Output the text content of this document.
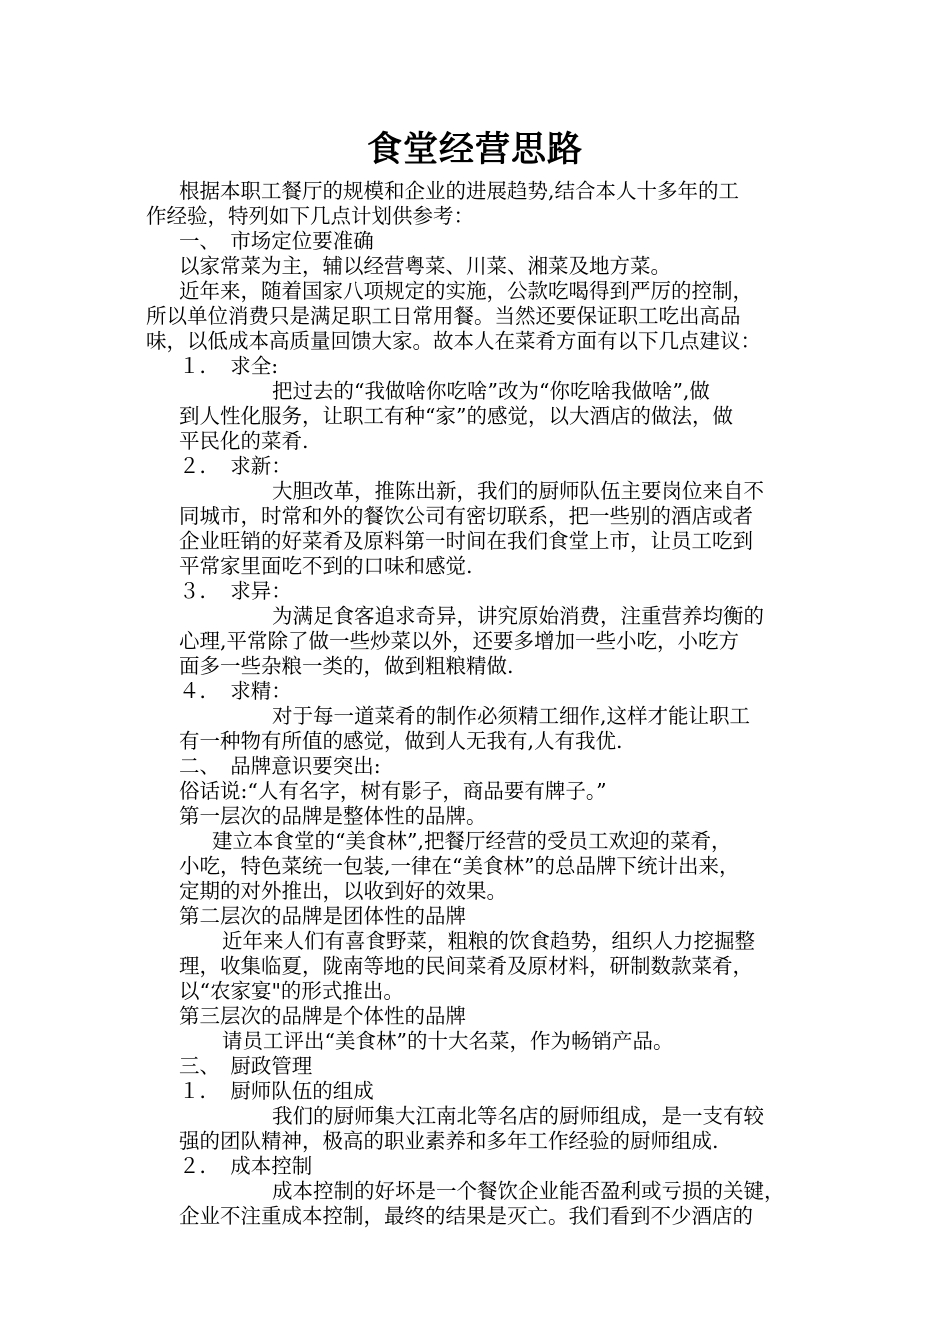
食堂经营思路
根据本职工餐厅的规模和企业的进展趋势,结合本人十多年的工
作经验，特列如下几点计划供参考：
一、　市场定位要准确
以家常菜为主，辅以经营粤菜、川菜、湘菜及地方菜。
近年来，随着国家八项规定的实施，公款吃喝得到严厉的控制，
所以单位消费只是满足职工日常用餐。当然还要保证职工吃出高品
味，以低成本高质量回馈大家。故本人在菜肴方面有以下几点建议：
１．　求全:
把过去的“我做啥你吃啥”改为“你吃啥我做啥”,做
到人性化服务，让职工有种“家”的感觉，以大酒店的做法，做
平民化的菜肴.
２．　求新：
大胆改革，推陈出新，我们的厨师队伍主要岗位来自不
同城市，时常和外的餐饮公司有密切联系，把一些别的酒店或者
企业旺销的好菜肴及原料第一时间在我们食堂上市，让员工吃到
平常家里面吃不到的口味和感觉.
３．　求异：
为满足食客追求奇异，讲究原始消费，注重营养均衡的
心理,平常除了做一些炒菜以外，还要多增加一些小吃，小吃方
面多一些杂粮一类的，做到粗粮精做.
４．　求精：
对于每一道菜肴的制作必须精工细作,这样才能让职工
有一种物有所值的感觉，做到人无我有,人有我优.
二、　品牌意识要突出:
俗话说:“人有名字，树有影子，商品要有牌子。”
第一层次的品牌是整体性的品牌。
建立本食堂的“美食林”,把餐厅经营的受员工欢迎的菜肴，
小吃，特色菜统一包装,一律在“美食林”的总品牌下统计出来，
定期的对外推出，以收到好的效果。
第二层次的品牌是团体性的品牌
近年来人们有喜食野菜，粗粮的饮食趋势，组织人力挖掘整
理，收集临夏，陇南等地的民间菜肴及原材料，研制数款菜肴，
以“农家宴"的形式推出。
第三层次的品牌是个体性的品牌
请员工评出“美食林”的十大名菜，作为畅销产品。
三、　厨政管理
１．　厨师队伍的组成
我们的厨师集大江南北等名店的厨师组成，是一支有较
强的团队精神，极高的职业素养和多年工作经验的厨师组成.
２．　成本控制
成本控制的好坏是一个餐饮企业能否盈利或亏损的关键，
企业不注重成本控制，最终的结果是灭亡。我们看到不少酒店的
